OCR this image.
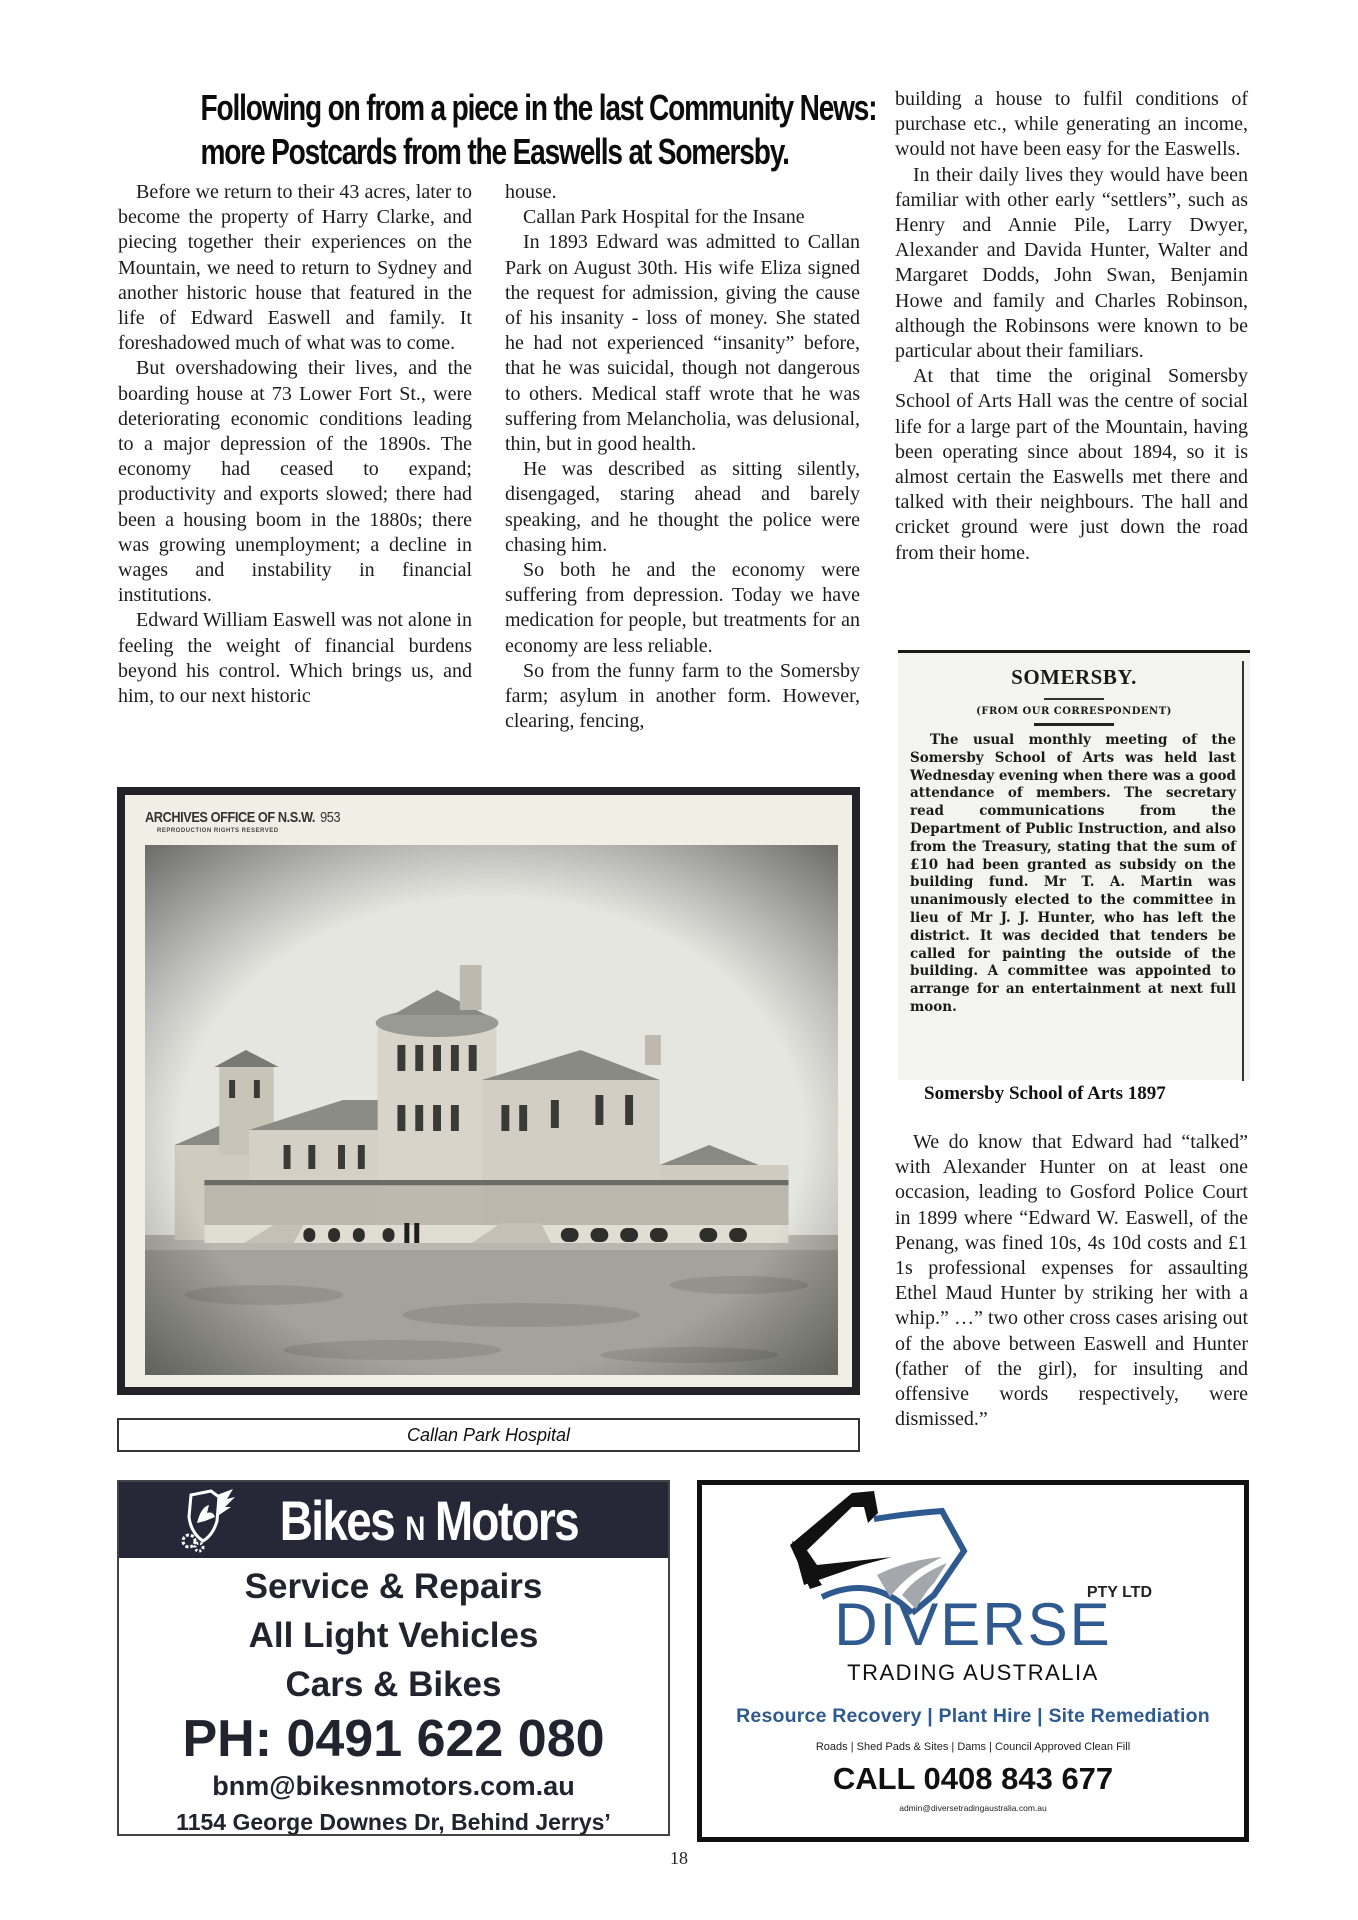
Following on from a piece in the last Community News:
more Postcards from the Easwells at Somersby.

Before we return to their 43 acres, later to become the property of Harry Clarke, and piecing together their experiences on the Mountain, we need to return to Sydney and another historic house that featured in the life of Edward Easwell and family. It foreshadowed much of what was to come.

But overshadowing their lives, and the boarding house at 73 Lower Fort St., were deteriorating economic conditions leading to a major depression of the 1890s. The economy had ceased to expand; productivity and exports slowed; there had been a housing boom in the 1880s; there was growing unemployment; a decline in wages and instability in financial institutions.

Edward William Easwell was not alone in feeling the weight of financial burdens beyond his control. Which brings us, and him, to our next historic

house.

Callan Park Hospital for the Insane

In 1893 Edward was admitted to Callan Park on August 30th. His wife Eliza signed the request for admission, giving the cause of his insanity - loss of money. She stated he had not experienced “insanity” before, that he was suicidal, though not dangerous to others. Medical staff wrote that he was suffering from Melancholia, was delusional, thin, but in good health.

He was described as sitting silently, disengaged, staring ahead and barely speaking, and he thought the police were chasing him.

So both he and the economy were suffering from depression. Today we have medication for people, but treatments for an economy are less reliable.

So from the funny farm to the Somersby farm; asylum in another form. However, clearing, fencing,

building a house to fulfil conditions of purchase etc., while generating an income, would not have been easy for the Easwells.

In their daily lives they would have been familiar with other early “settlers”, such as Henry and Annie Pile, Larry Dwyer, Alexander and Davida Hunter, Walter and Margaret Dodds, John Swan, Benjamin Howe and family and Charles Robinson, although the Robinsons were known to be particular about their familiars.

At that time the original Somersby School of Arts Hall was the centre of social life for a large part of the Mountain, having been operating since about 1894, so it is almost certain the Easwells met there and talked with their neighbours. The hall and cricket ground were just down the road from their home.

SOMERSBY.
(FROM OUR CORRESPONDENT)

The usual monthly meeting of the Somersby School of Arts was held last Wednesday evening when there was a good attendance of members. The secretary read communications from the Department of Public Instruction, and also from the Treasury, stating that the sum of £10 had been granted as subsidy on the building fund. Mr T. A. Martin was unanimously elected to the committee in lieu of Mr J. J. Hunter, who has left the district. It was decided that tenders be called for painting the outside of the building. A committee was appointed to arrange for an entertainment at next full moon.

Somersby School of Arts 1897

We do know that Edward had “talked” with Alexander Hunter on at least one occasion, leading to Gosford Police Court in 1899 where “Edward W. Easwell, of the Penang, was fined 10s, 4s 10d costs and £1 1s professional expenses for assaulting Ethel Maud Hunter by striking her with a whip.” …” two other cross cases arising out of the above between Easwell and Hunter (father of the girl), for insulting and offensive words respectively, were dismissed.”

ARCHIVES OFFICE OF N.S.W. 953
REPRODUCTION RIGHTS RESERVED
Callan Park Hospital
Bikes N Motors
Service & Repairs
All Light Vehicles
Cars & Bikes
PH: 0491 622 080
bnm@bikesnmotors.com.au
1154 George Downes Dr, Behind Jerrys’
PTY LTD
DIVERSE
TRADING AUSTRALIA
Resource Recovery | Plant Hire | Site Remediation
Roads | Shed Pads & Sites | Dams | Council Approved Clean Fill
CALL 0408 843 677
admin@diversetradingaustralia.com.au
18
